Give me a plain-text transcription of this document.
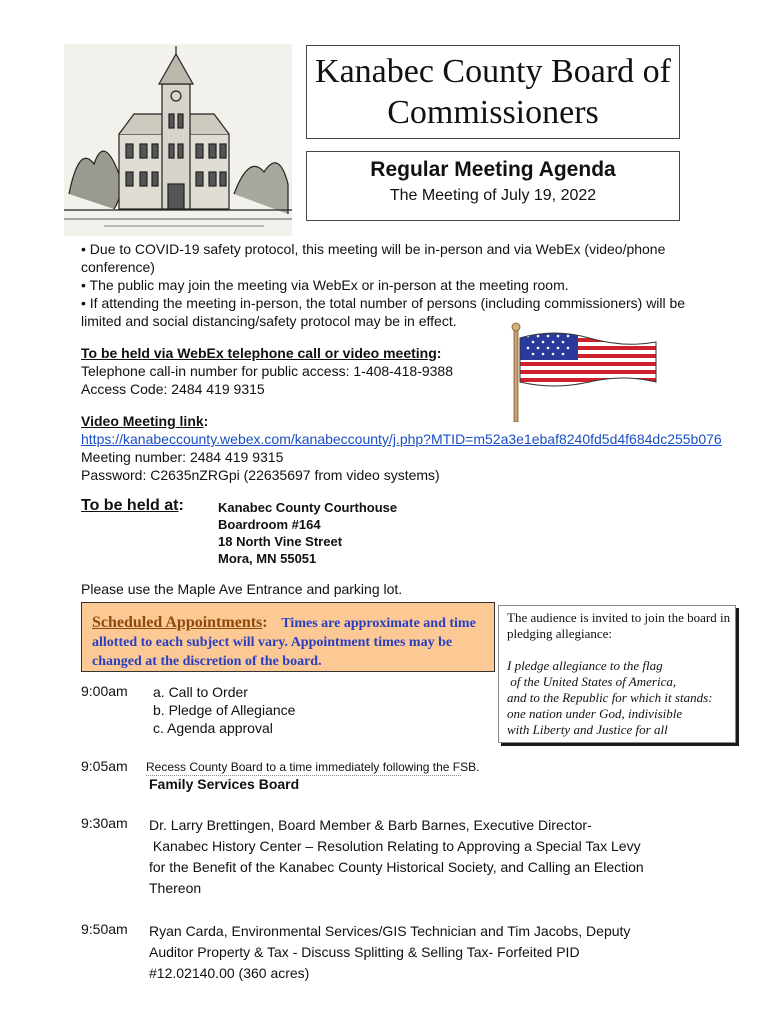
Kanabec County Board of
Commissioners
Regular Meeting Agenda
The Meeting of July 19, 2022

• Due to COVID-19 safety protocol, this meeting will be in-person and via WebEx (video/phone conference)

• The public may join the meeting via WebEx or in-person at the meeting room.

• If attending the meeting in-person, the total number of persons (including commissioners) will be limited and social distancing/safety protocol may be in effect.

To be held via WebEx telephone call or video meeting:

Telephone call-in number for public access: 1-408-418-9388

Access Code: 2484 419 9315

Video Meeting link:

https://kanabeccounty.webex.com/kanabeccounty/j.php?MTID=m52a3e1ebaf8240fd5d4f684dc255b076

Meeting number: 2484 419 9315

Password: C2635nZRGpi (22635697 from video systems)

To be held at:	Kanabec County Courthouse

Boardroom #164

18 North Vine Street

Mora, MN 55051

Please use the Maple Ave Entrance and parking lot.
Scheduled Appointments: Times are approximate and time allotted to each subject will vary. Appointment times may be changed at the discretion of the board.

The audience is invited to join the board in pledging allegiance:

I pledge allegiance to the flag

of the United States of America,

and to the Republic for which it stands:

one nation under God, indivisible

with Liberty and Justice for all

9:00am a. Call to Order

b. Pledge of Allegiance

c. Agenda approval

9:05am Recess County Board to a time immediately following the FSB.
Family Services Board
9:30am Dr. Larry Brettingen, Board Member & Barb Barnes, Executive Director-

Kanabec History Center – Resolution Relating to Approving a Special Tax Levy

for the Benefit of the Kanabec County Historical Society, and Calling an Election

Thereon

9:50am Ryan Carda, Environmental Services/GIS Technician and Tim Jacobs, Deputy

Auditor Property & Tax - Discuss Splitting & Selling Tax- Forfeited PID

#12.02140.00 (360 acres)
